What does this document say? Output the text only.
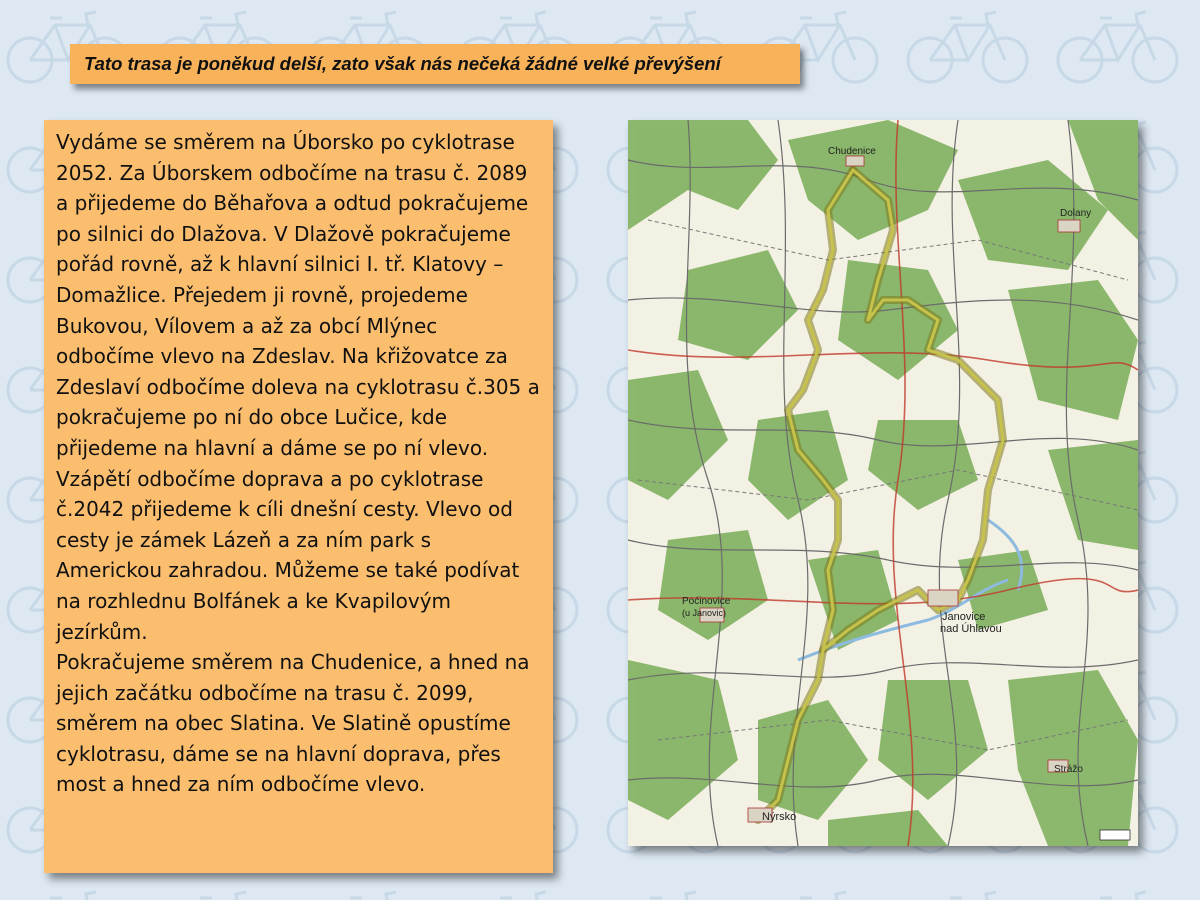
Tato trasa je poněkud delší, zato však nás nečeká žádné velké převýšení

Vydáme se směrem na Úborsko po cyklotrase 2052. Za Úborskem odbočíme na trasu č. 2089 a přijedeme do Běhařova a odtud pokračujeme po silnici do Dlažova. V Dlažově pokračujeme pořád rovně, až k hlavní silnici I. tř. Klatovy – Domažlice. Přejedem ji rovně, projedeme Bukovou, Vílovem a až za obcí Mlýnec odbočíme vlevo na Zdeslav. Na křižovatce za Zdeslaví odbočíme doleva na cyklotrasu č.305 a pokračujeme po ní do obce Lučice, kde přijedeme na hlavní a dáme se po ní vlevo. Vzápětí odbočíme doprava a po cyklotrase č.2042 přijedeme k cíli dnešní cesty. Vlevo od cesty je zámek Lázeň a za ním park s Americkou zahradou. Můžeme se také podívat na rozhlednu Bolfánek a ke Kvapilovým jezírkům.

Pokračujeme směrem na Chudenice, a hned na jejich začátku odbočíme na trasu č. 2099, směrem na obec Slatina. Ve Slatině opustíme cyklotrasu, dáme se na hlavní doprava, přes most a hned za ním odbočíme vlevo.

Chudenice
Dolany
Poćinovice
(u Janovic)	Janovice
nad Úhlavou
Nýrsko
Strážo
